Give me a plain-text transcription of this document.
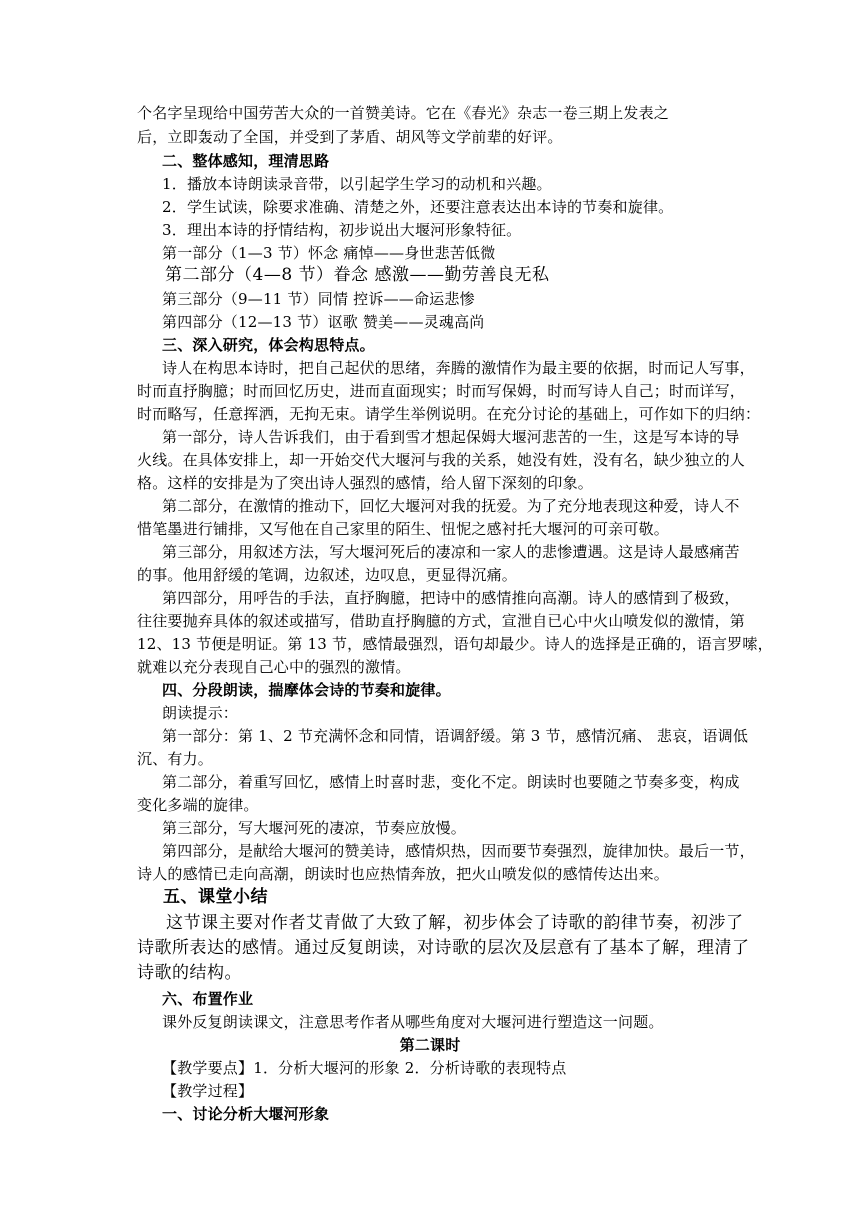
个名字呈现给中国劳苦大众的一首赞美诗。它在《春光》杂志一卷三期上发表之
后，立即轰动了全国，并受到了茅盾、胡风等文学前辈的好评。
二、整体感知，理清思路
1．播放本诗朗读录音带，以引起学生学习的动机和兴趣。
2．学生试读，除要求准确、清楚之外，还要注意表达出本诗的节奏和旋律。
3．理出本诗的抒情结构，初步说出大堰河形象特征。
第一部分（1—3 节）怀念 痛悼——身世悲苦低微
第二部分（4—8 节）眷念 感激——勤劳善良无私
第三部分（9—11 节）同情 控诉——命运悲惨
第四部分（12—13 节）讴歌 赞美——灵魂高尚
三、深入研究，体会构思特点。
诗人在构思本诗时，把自己起伏的思绪，奔腾的激情作为最主要的依据，时而记人写事，
时而直抒胸臆；时而回忆历史，进而直面现实；时而写保姆，时而写诗人自己；时而详写，
时而略写，任意挥洒，无拘无束。请学生举例说明。在充分讨论的基础上，可作如下的归纳：
第一部分，诗人告诉我们，由于看到雪才想起保姆大堰河悲苦的一生，这是写本诗的导
火线。在具体安排上，却一开始交代大堰河与我的关系，她没有姓，没有名，缺少独立的人
格。这样的安排是为了突出诗人强烈的感情，给人留下深刻的印象。
第二部分，在激情的推动下，回忆大堰河对我的抚爱。为了充分地表现这种爱，诗人不
惜笔墨进行铺排，又写他在自己家里的陌生、忸怩之感衬托大堰河的可亲可敬。
第三部分，用叙述方法，写大堰河死后的凄凉和一家人的悲惨遭遇。这是诗人最感痛苦
的事。他用舒缓的笔调，边叙述，边叹息，更显得沉痛。
第四部分，用呼告的手法，直抒胸臆，把诗中的感情推向高潮。诗人的感情到了极致，
往往要抛弃具体的叙述或描写，借助直抒胸臆的方式，宣泄自已心中火山喷发似的激情，第
12、13 节便是明证。第 13 节，感情最强烈，语句却最少。诗人的选择是正确的，语言罗嗦，
就难以充分表现自己心中的强烈的激情。
四、分段朗读，揣摩体会诗的节奏和旋律。
朗读提示：
第一部分：第 1、2 节充满怀念和同情，语调舒缓。第 3 节，感情沉痛、 悲哀，语调低
沉、有力。
第二部分，着重写回忆，感情上时喜时悲，变化不定。朗读时也要随之节奏多变，构成
变化多端的旋律。
第三部分，写大堰河死的凄凉，节奏应放慢。
第四部分，是献给大堰河的赞美诗，感情炽热，因而要节奏强烈，旋律加快。最后一节，
诗人的感情已走向高潮，朗读时也应热情奔放，把火山喷发似的感情传达出来。
五、课堂小结
这节课主要对作者艾青做了大致了解，初步体会了诗歌的韵律节奏，初涉了
诗歌所表达的感情。通过反复朗读，对诗歌的层次及层意有了基本了解，理清了
诗歌的结构。
六、布置作业
课外反复朗读课文，注意思考作者从哪些角度对大堰河进行塑造这一问题。
第二课时
【教学要点】1．分析大堰河的形象 2．分析诗歌的表现特点
【教学过程】
一、讨论分析大堰河形象
